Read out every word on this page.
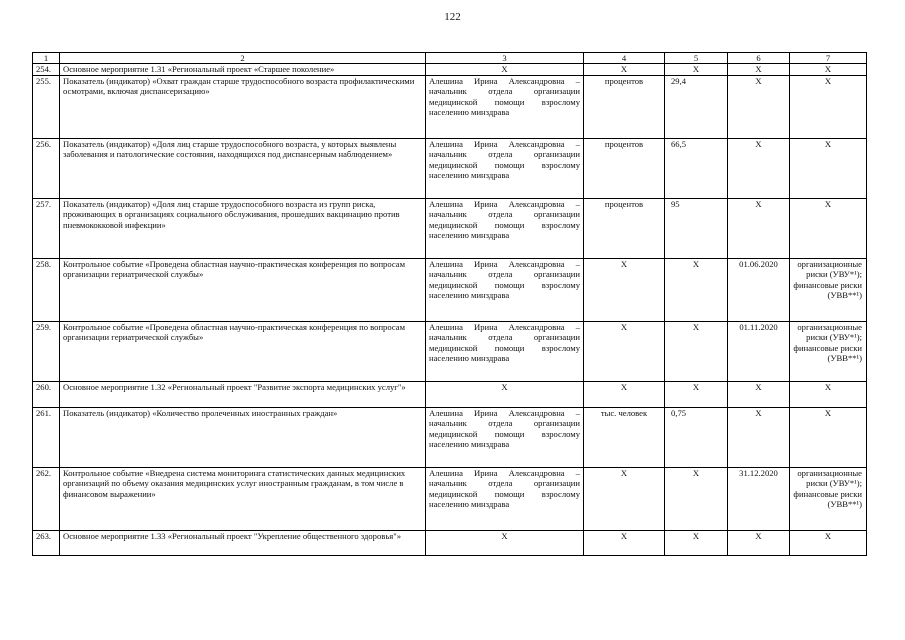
122
1	2	3	4	5	6	7
254.	Основное мероприятие 1.31 «Региональный проект «Старшее поколение»	X	X	X	X	X
255.	Показатель (индикатор) «Охват граждан старше трудоспособного возраста профилактическими осмотрами, включая диспансеризацию»	Алешина Ирина Александровна – начальник отдела организации медицинской помощи взрослому населению минздрава	процентов	29,4	X	X
256.	Показатель (индикатор) «Доля лиц старше трудоспособного возраста, у которых выявлены заболевания и патологические состояния, находящихся под диспансерным наблюдением»	Алешина Ирина Александровна – начальник отдела организации медицинской помощи взрослому населению минздрава	процентов	66,5	X	X
257.	Показатель (индикатор) «Доля лиц старше трудоспособного возраста из групп риска, проживающих в организациях социального обслуживания, прошедших вакцинацию против пневмококковой инфекции»	Алешина Ирина Александровна – начальник отдела организации медицинской помощи взрослому населению минздрава	процентов	95	X	X
258.	Контрольное событие «Проведена областная научно-практическая конференция по вопросам организации гериатрической службы»	Алешина Ирина Александровна – начальник отдела организации медицинской помощи взрослому населению минздрава	X	X	01.06.2020	организационные
риски (УВУ*¹);
финансовые риски
(УВВ**¹)

259.	Контрольное событие «Проведена областная научно-практическая конференция по вопросам организации гериатрической службы»	Алешина Ирина Александровна – начальник отдела организации медицинской помощи взрослому населению минздрава	X	X	01.11.2020	организационные
риски (УВУ*¹);
финансовые риски
(УВВ**¹)

260.	Основное мероприятие 1.32 «Региональный проект "Развитие экспорта медицинских услуг"»	X	X	X	X	X
261.	Показатель (индикатор) «Количество пролеченных иностранных граждан»	Алешина Ирина Александровна – начальник отдела организации медицинской помощи взрослому населению минздрава	тыс. человек	0,75	X	X
262.	Контрольное событие «Внедрена система мониторинга статистических данных медицинских организаций по объему оказания медицинских услуг иностранным гражданам, в том числе в финансовом выражении»	Алешина Ирина Александровна – начальник отдела организации медицинской помощи взрослому населению минздрава	X	X	31.12.2020	организационные
риски (УВУ*¹);
финансовые риски
(УВВ**¹)

263.	Основное мероприятие 1.33 «Региональный проект "Укрепление общественного здоровья"»	X	X	X	X	X
